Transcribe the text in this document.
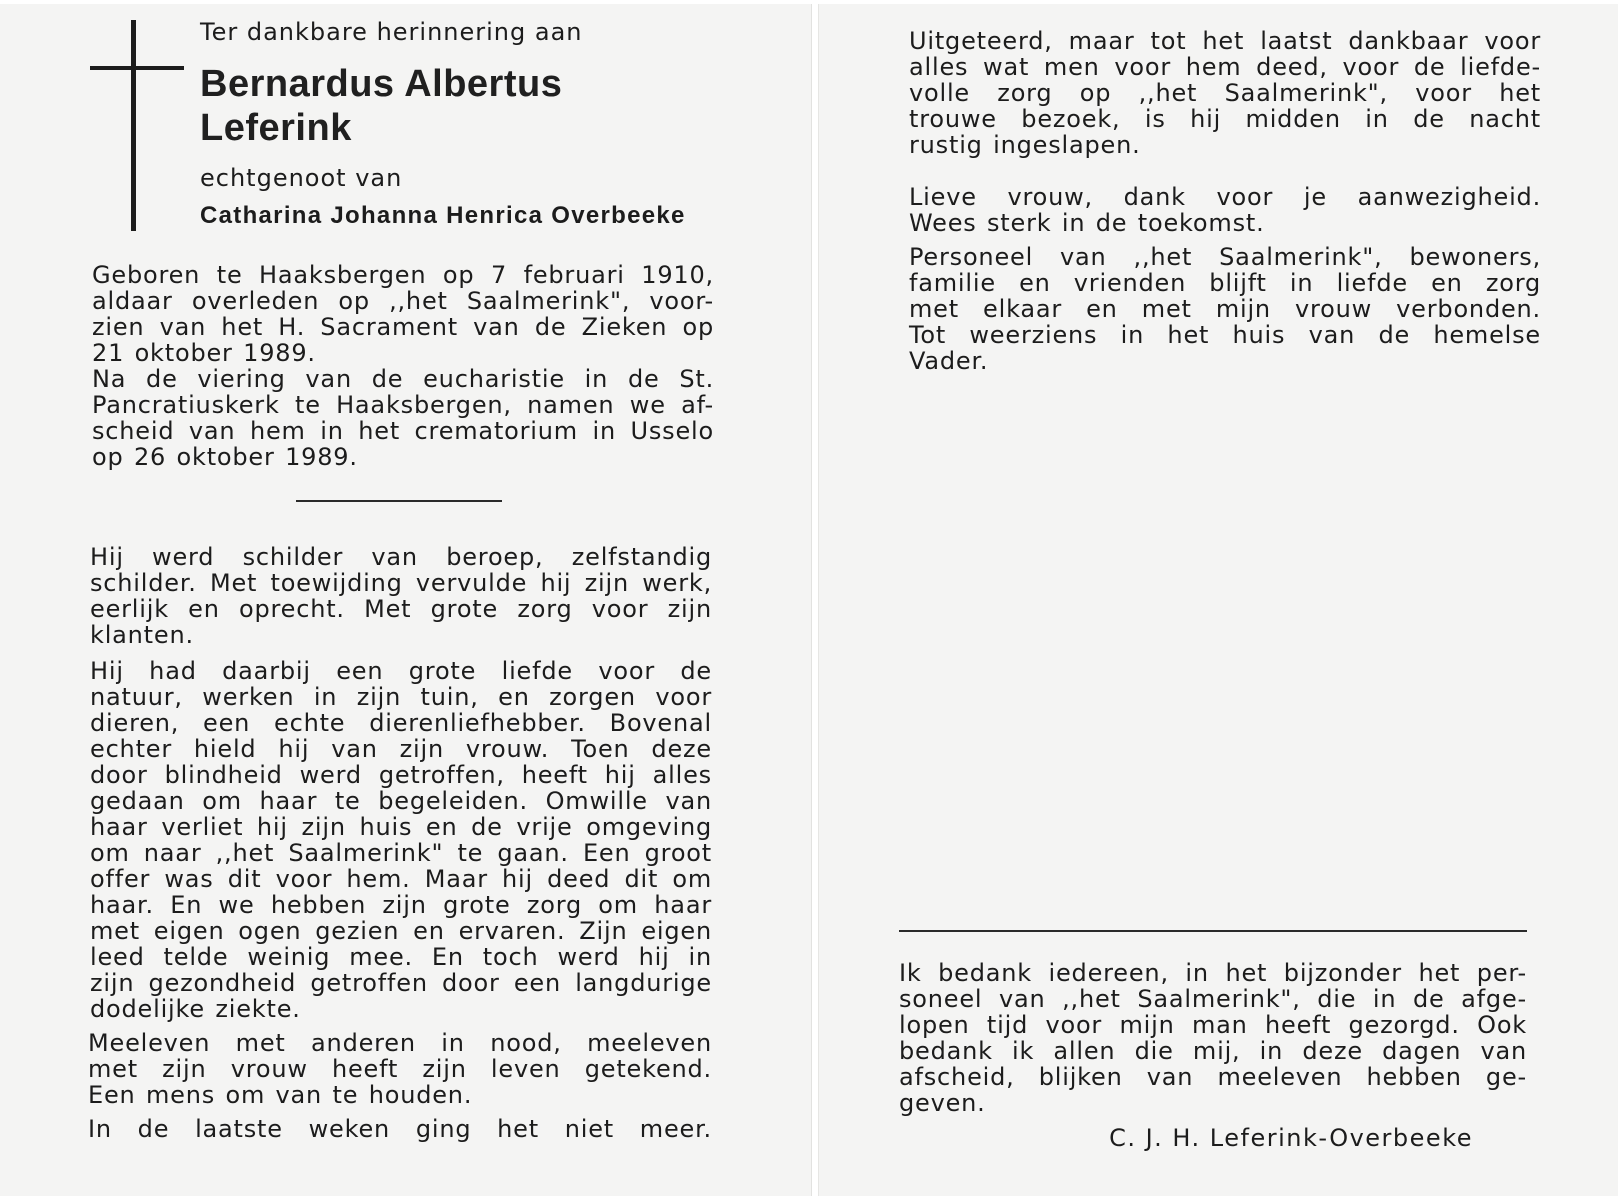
Ter dankbare herinnering aan
Bernardus Albertus
Leferink
echtgenoot van
Catharina Johanna Henrica Overbeeke
Geboren te Haaksbergen op 7 februari 1910,
aldaar overleden op ,,het Saalmerink", voor-
zien van het H. Sacrament van de Zieken op
21 oktober 1989.
Na de viering van de eucharistie in de St.
Pancratiuskerk te Haaksbergen, namen we af-
scheid van hem in het crematorium in Usselo
op 26 oktober 1989.
Hij werd schilder van beroep, zelfstandig
schilder. Met toewijding vervulde hij zijn werk,
eerlijk en oprecht. Met grote zorg voor zijn
klanten.
Hij had daarbij een grote liefde voor de
natuur, werken in zijn tuin, en zorgen voor
dieren, een echte dierenliefhebber. Bovenal
echter hield hij van zijn vrouw. Toen deze
door blindheid werd getroffen, heeft hij alles
gedaan om haar te begeleiden. Omwille van
haar verliet hij zijn huis en de vrije omgeving
om naar ,,het Saalmerink" te gaan. Een groot
offer was dit voor hem. Maar hij deed dit om
haar. En we hebben zijn grote zorg om haar
met eigen ogen gezien en ervaren. Zijn eigen
leed telde weinig mee. En toch werd hij in
zijn gezondheid getroffen door een langdurige
dodelijke ziekte.
Meeleven met anderen in nood, meeleven
met zijn vrouw heeft zijn leven getekend.
Een mens om van te houden.
In de laatste weken ging het niet meer.
Uitgeteerd, maar tot het laatst dankbaar voor
alles wat men voor hem deed, voor de liefde-
volle zorg op ,,het Saalmerink", voor het
trouwe bezoek, is hij midden in de nacht
rustig ingeslapen.
Lieve vrouw, dank voor je aanwezigheid.
Wees sterk in de toekomst.
Personeel van ,,het Saalmerink", bewoners,
familie en vrienden blijft in liefde en zorg
met elkaar en met mijn vrouw verbonden.
Tot weerziens in het huis van de hemelse
Vader.
Ik bedank iedereen, in het bijzonder het per-
soneel van ,,het Saalmerink", die in de afge-
lopen tijd voor mijn man heeft gezorgd. Ook
bedank ik allen die mij, in deze dagen van
afscheid, blijken van meeleven hebben ge-
geven.
C. J. H. Leferink-Overbeeke
